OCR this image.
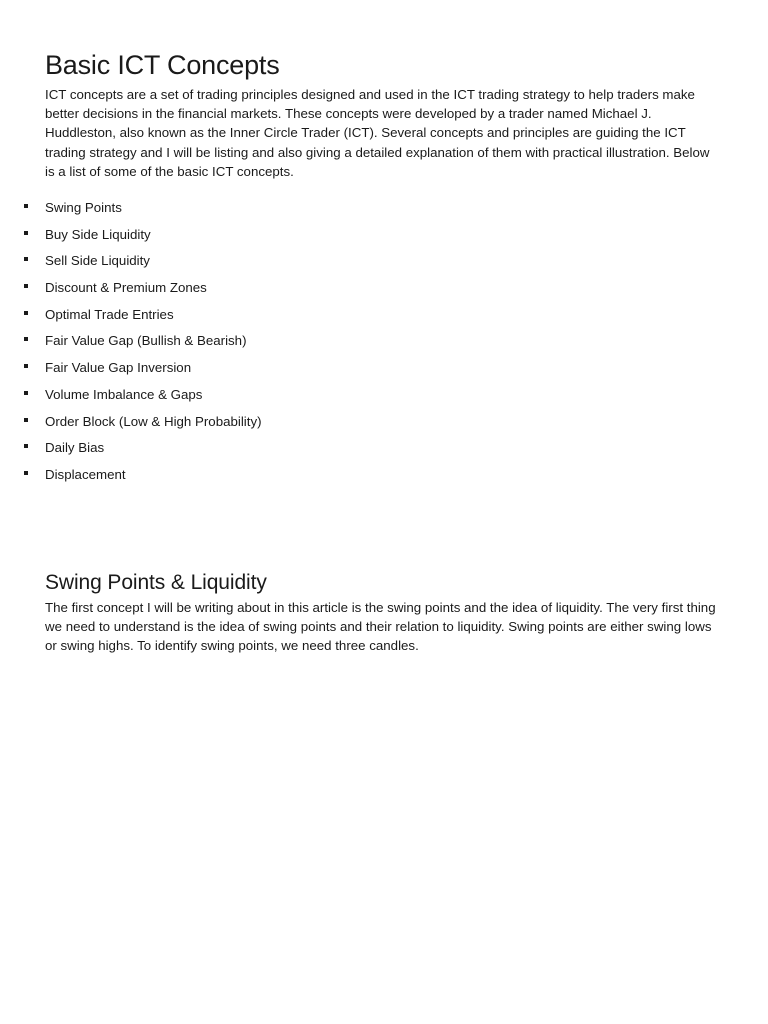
Basic ICT Concepts

ICT concepts are a set of trading principles designed and used in the ICT trading strategy to help traders make better decisions in the financial markets. These concepts were developed by a trader named Michael J. Huddleston, also known as the Inner Circle Trader (ICT). Several concepts and principles are guiding the ICT trading strategy and I will be listing and also giving a detailed explanation of them with practical illustration. Below is a list of some of the basic ICT concepts.

Swing Points
Buy Side Liquidity
Sell Side Liquidity
Discount & Premium Zones
Optimal Trade Entries
Fair Value Gap (Bullish & Bearish)
Fair Value Gap Inversion
Volume Imbalance & Gaps
Order Block (Low & High Probability)
Daily Bias
Displacement
Swing Points & Liquidity

The first concept I will be writing about in this article is the swing points and the idea of liquidity. The very first thing we need to understand is the idea of swing points and their relation to liquidity. Swing points are either swing lows or swing highs. To identify swing points, we need three candles.
